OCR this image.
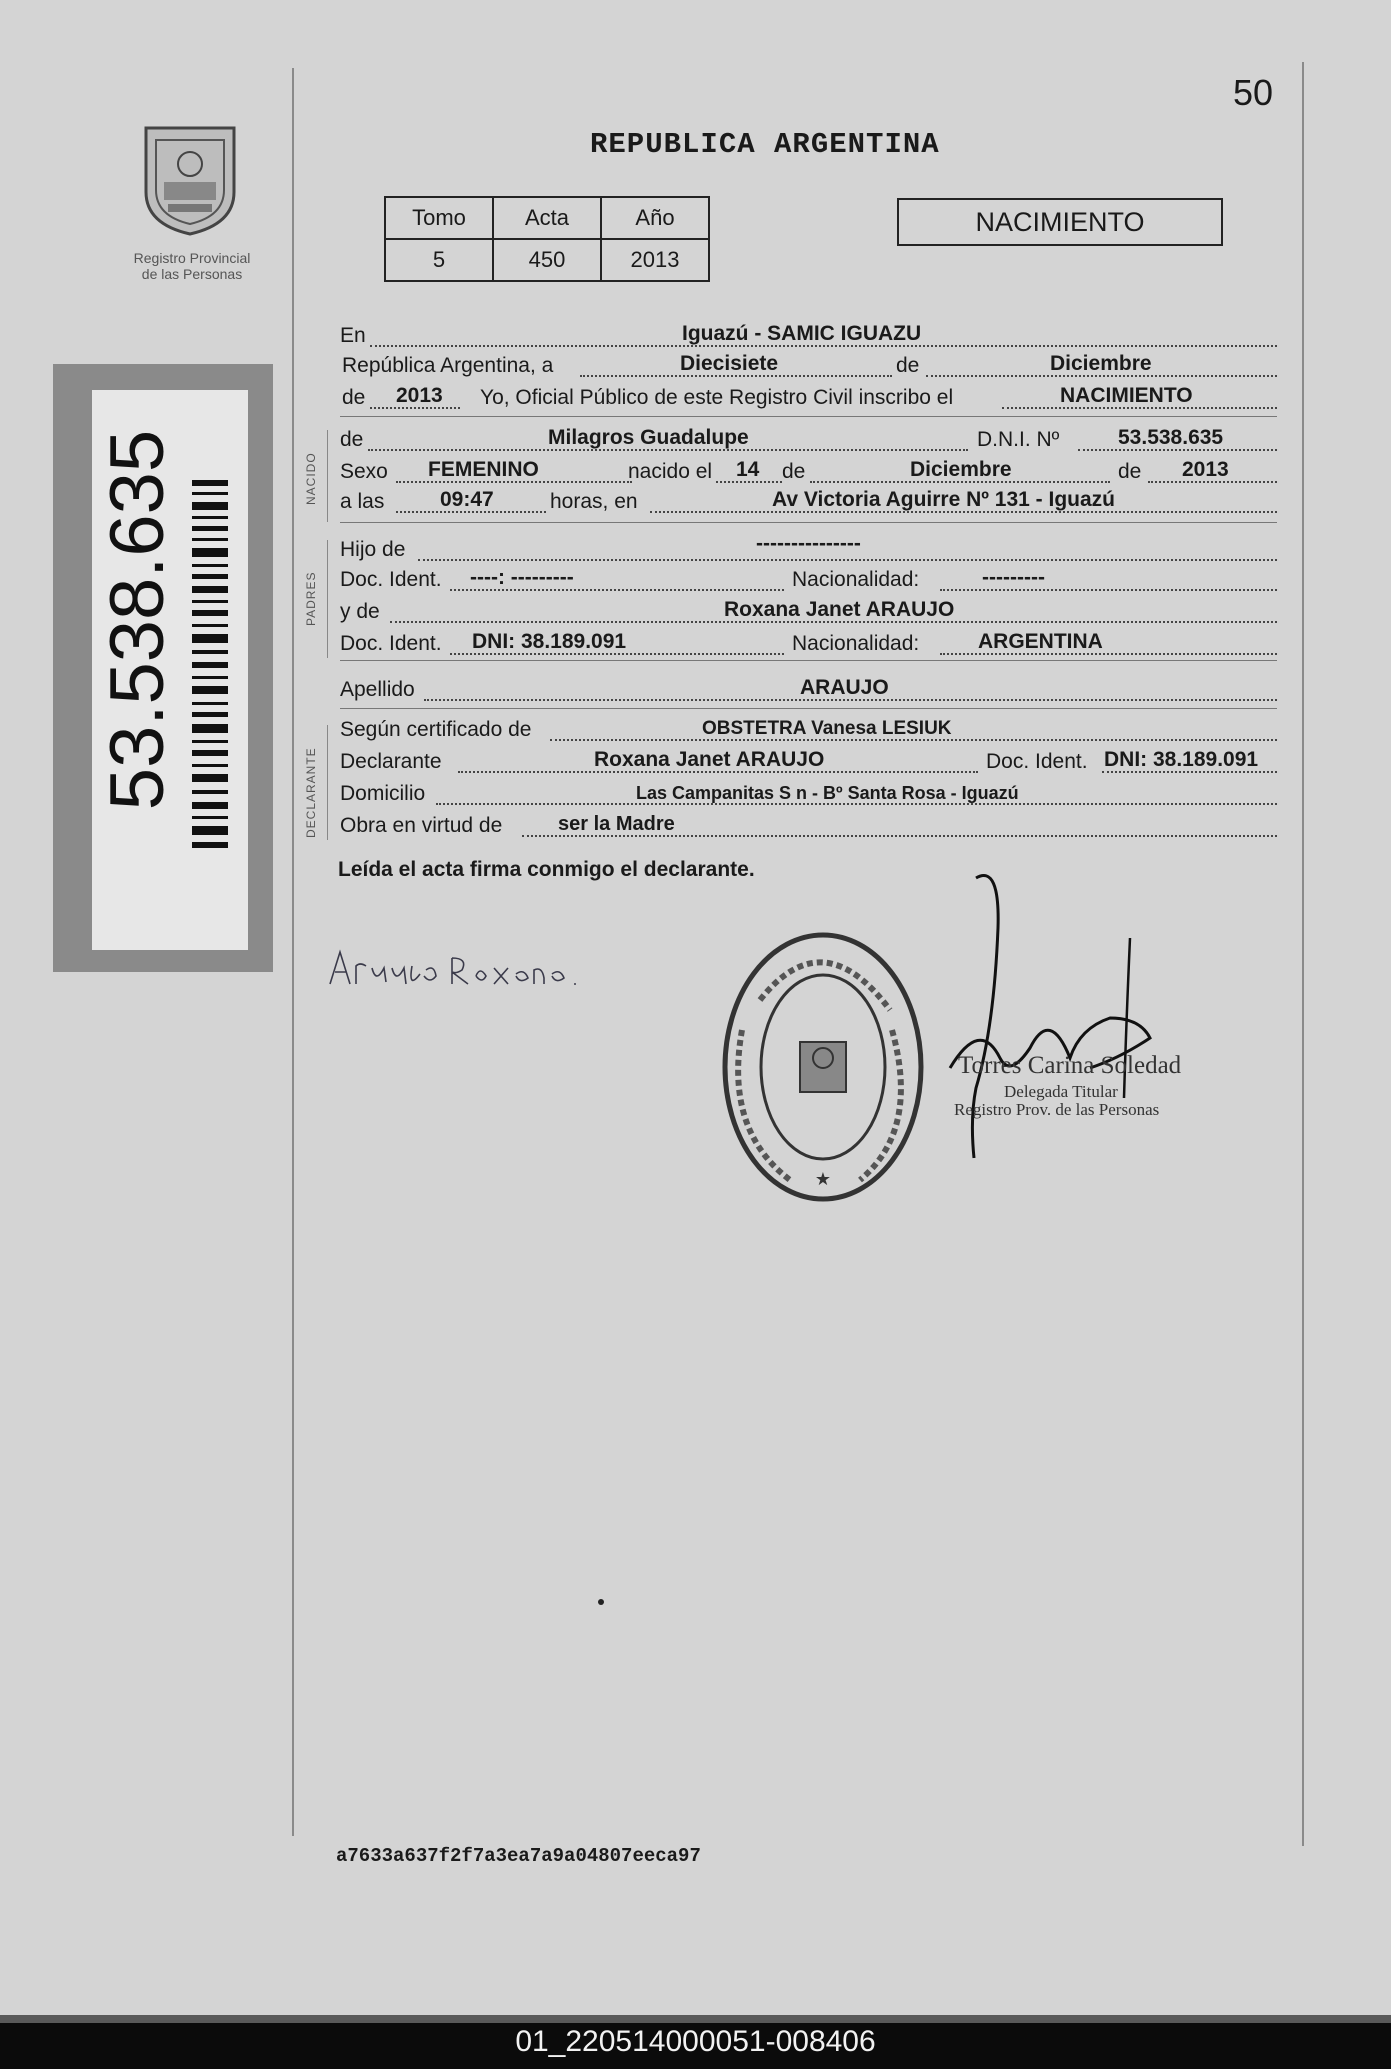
50
REPUBLICA ARGENTINA
Registro Provincial
de las Personas
53.538.635
Tomo	Acta	Año
5	450	2013
NACIMIENTO
NACIDO
PADRES
DECLARANTE
En	Iguazú - SAMIC IGUAZU
República Argentina, a	Diecisiete	de	Diciembre
de 2013 Yo, Oficial Público de este Registro Civil inscribo el	NACIMIENTO
de	Milagros Guadalupe	D.N.I. Nº	53.538.635
Sexo FEMENINO	nacido el 14 de	Diciembre	de 2013
a las	09:47	horas, en	Av Victoria Aguirre Nº 131 - Iguazú
Hijo de	---------------
Doc. Ident. ----: ---------	Nacionalidad:	---------
y de	Roxana Janet ARAUJO
Doc. Ident. DNI: 38.189.091	Nacionalidad:	ARGENTINA
Apellido	ARAUJO
Según certificado de	OBSTETRA Vanesa LESIUK
Declarante	Roxana Janet ARAUJO	Doc. Ident. DNI: 38.189.091
Domicilio	Las Campanitas S n - Bº Santa Rosa - Iguazú
Obra en virtud de	ser la Madre
Leída el acta firma conmigo el declarante.
★
Torres Carina Soledad
Delegada Titular
Registro Prov. de las Personas
a7633a637f2f7a3ea7a9a04807eeca97
01_220514000051-008406
